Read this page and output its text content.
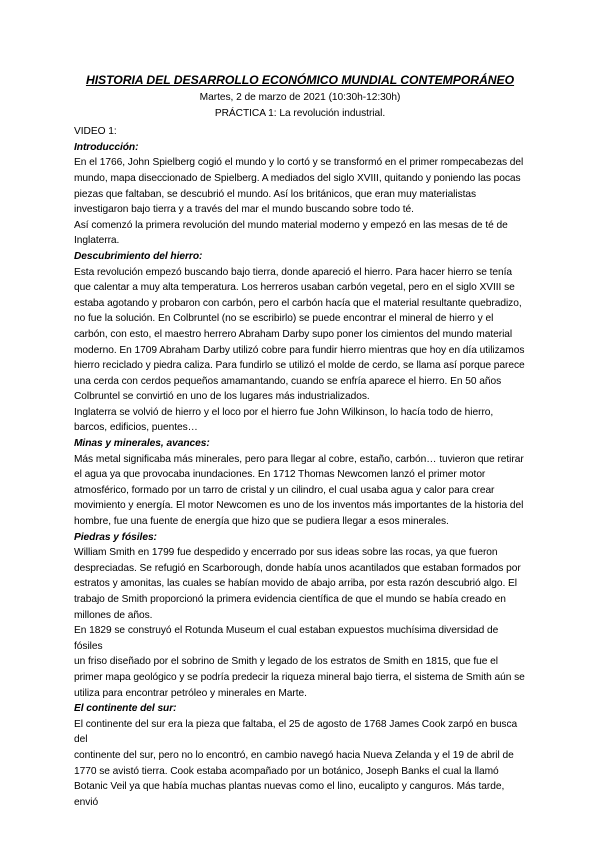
HISTORIA DEL DESARROLLO ECONÓMICO MUNDIAL CONTEMPORÁNEO
Martes, 2 de marzo de 2021 (10:30h-12:30h)
PRÁCTICA 1: La revolución industrial.
VIDEO 1:
Introducción:
En el 1766, John Spielberg cogió el mundo y lo cortó y se transformó en el primer rompecabezas del
mundo, mapa diseccionado de Spielberg. A mediados del siglo XVIII, quitando y poniendo las pocas
piezas que faltaban, se descubrió el mundo. Así los británicos, que eran muy materialistas
investigaron bajo tierra y a través del mar el mundo buscando sobre todo té.
Así comenzó la primera revolución del mundo material moderno y empezó en las mesas de té de
Inglaterra.
Descubrimiento del hierro:
Esta revolución empezó buscando bajo tierra, donde apareció el hierro. Para hacer hierro se tenía
que calentar a muy alta temperatura. Los herreros usaban carbón vegetal, pero en el siglo XVIII se
estaba agotando y probaron con carbón, pero el carbón hacía que el material resultante quebradizo,
no fue la solución. En Colbruntel (no se escribirlo) se puede encontrar el mineral de hierro y el
carbón, con esto, el maestro herrero Abraham Darby supo poner los cimientos del mundo material
moderno. En 1709 Abraham Darby utilizó cobre para fundir hierro mientras que hoy en día utilizamos
hierro reciclado y piedra caliza. Para fundirlo se utilizó el molde de cerdo, se llama así porque parece
una cerda con cerdos pequeños amamantando, cuando se enfría aparece el hierro. En 50 años
Colbruntel se convirtió en uno de los lugares más industrializados.
Inglaterra se volvió de hierro y el loco por el hierro fue John Wilkinson, lo hacía todo de hierro,
barcos, edificios, puentes…
Minas y minerales, avances:
Más metal significaba más minerales, pero para llegar al cobre, estaño, carbón… tuvieron que retirar
el agua ya que provocaba inundaciones. En 1712 Thomas Newcomen lanzó el primer motor
atmosférico, formado por un tarro de cristal y un cilindro, el cual usaba agua y calor para crear
movimiento y energía. El motor Newcomen es uno de los inventos más importantes de la historia del
hombre, fue una fuente de energía que hizo que se pudiera llegar a esos minerales.
Piedras y fósiles:
William Smith en 1799 fue despedido y encerrado por sus ideas sobre las rocas, ya que fueron
despreciadas. Se refugió en Scarborough, donde había unos acantilados que estaban formados por
estratos y amonitas, las cuales se habían movido de abajo arriba, por esta razón descubrió algo. El
trabajo de Smith proporcionó la primera evidencia científica de que el mundo se había creado en
millones de años.
En 1829 se construyó el Rotunda Museum el cual estaban expuestos muchísima diversidad de fósiles
un friso diseñado por el sobrino de Smith y legado de los estratos de Smith en 1815, que fue el
primer mapa geológico y se podría predecir la riqueza mineral bajo tierra, el sistema de Smith aún se
utiliza para encontrar petróleo y minerales en Marte.
El continente del sur:
El continente del sur era la pieza que faltaba, el 25 de agosto de 1768 James Cook zarpó en busca del
continente del sur, pero no lo encontró, en cambio navegó hacia Nueva Zelanda y el 19 de abril de
1770 se avistó tierra. Cook estaba acompañado por un botánico, Joseph Banks el cual la llamó
Botanic Veil ya que había muchas plantas nuevas como el lino, eucalipto y canguros. Más tarde, envió
